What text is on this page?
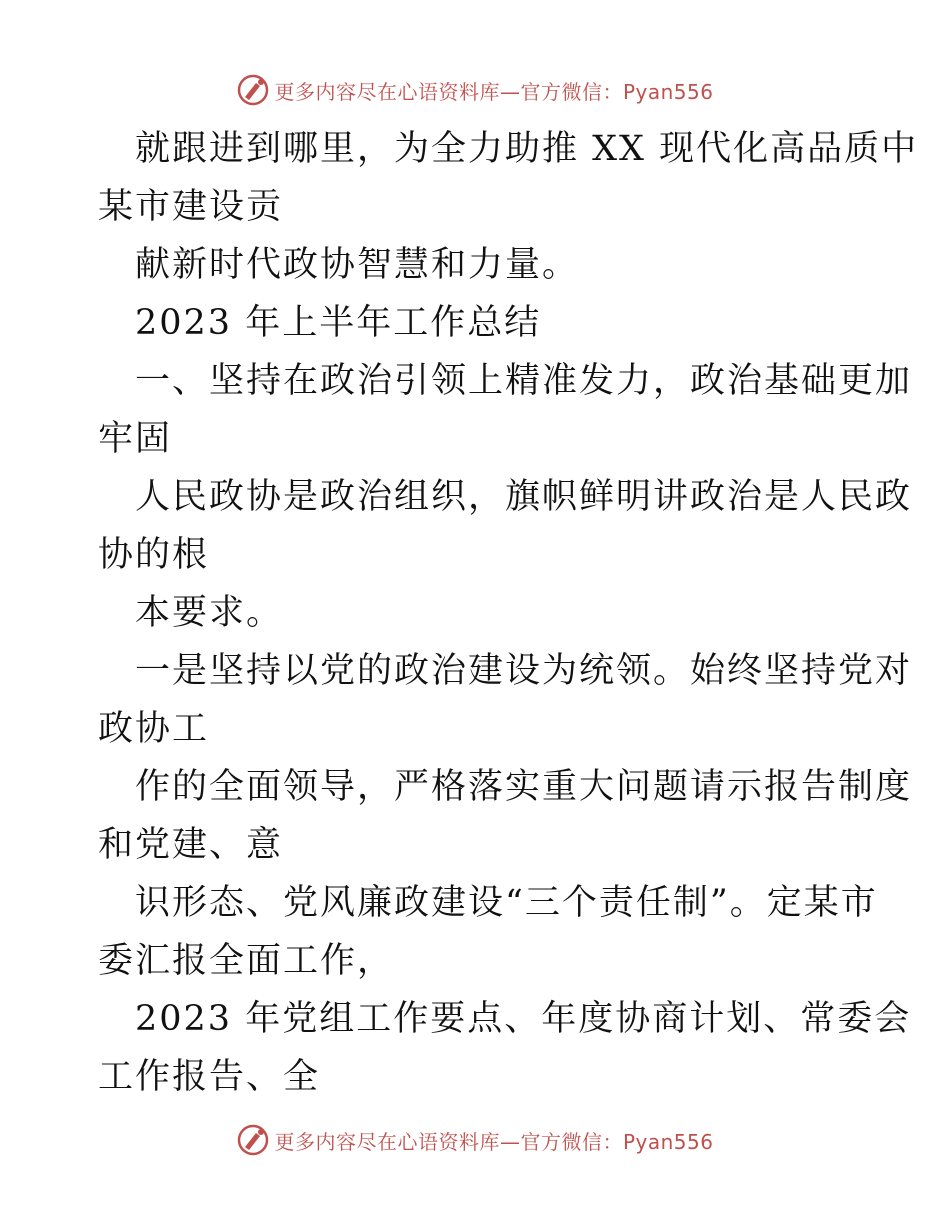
更多内容尽在心语资料库—官方微信：Pyan556
就跟进到哪里，为全力助推 XX 现代化高品质中
某市建设贡
献新时代政协智慧和力量。
2023 年上半年工作总结
一、坚持在政治引领上精准发力，政治基础更加
牢固
人民政协是政治组织，旗帜鲜明讲政治是人民政
协的根
本要求。
一是坚持以党的政治建设为统领。始终坚持党对
政协工
作的全面领导，严格落实重大问题请示报告制度
和党建、意
识形态、党风廉政建设“三个责任制”。定某市
委汇报全面工作，
2023 年党组工作要点、年度协商计划、常委会
工作报告、全
更多内容尽在心语资料库—官方微信：Pyan556
